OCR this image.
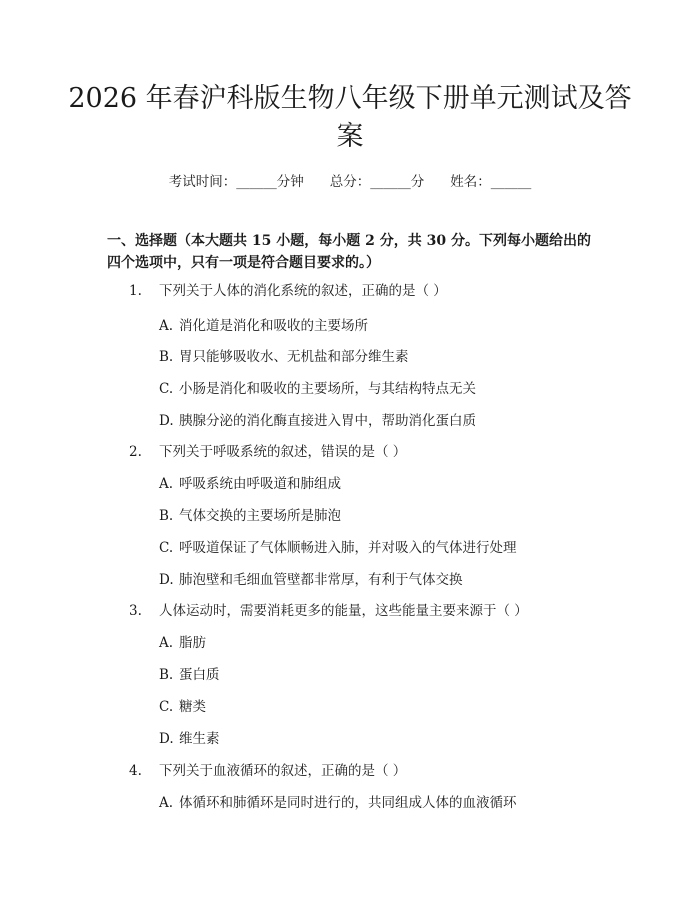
2026 年春沪科版生物八年级下册单元测试及答案
考试时间：______分钟 总分：______分 姓名：______
一、选择题（本大题共 15 小题，每小题 2 分，共 30 分。下列每小题给出的四个选项中，只有一项是符合题目要求的。）
1. 下列关于人体的消化系统的叙述，正确的是（ ）
A. 消化道是消化和吸收的主要场所
B. 胃只能够吸收水、无机盐和部分维生素
C. 小肠是消化和吸收的主要场所，与其结构特点无关
D. 胰腺分泌的消化酶直接进入胃中，帮助消化蛋白质
2. 下列关于呼吸系统的叙述，错误的是（ ）
A. 呼吸系统由呼吸道和肺组成
B. 气体交换的主要场所是肺泡
C. 呼吸道保证了气体顺畅进入肺，并对吸入的气体进行处理
D. 肺泡壁和毛细血管壁都非常厚，有利于气体交换
3. 人体运动时，需要消耗更多的能量，这些能量主要来源于（ ）
A. 脂肪
B. 蛋白质
C. 糖类
D. 维生素
4. 下列关于血液循环的叙述，正确的是（ ）
A. 体循环和肺循环是同时进行的，共同组成人体的血液循环
